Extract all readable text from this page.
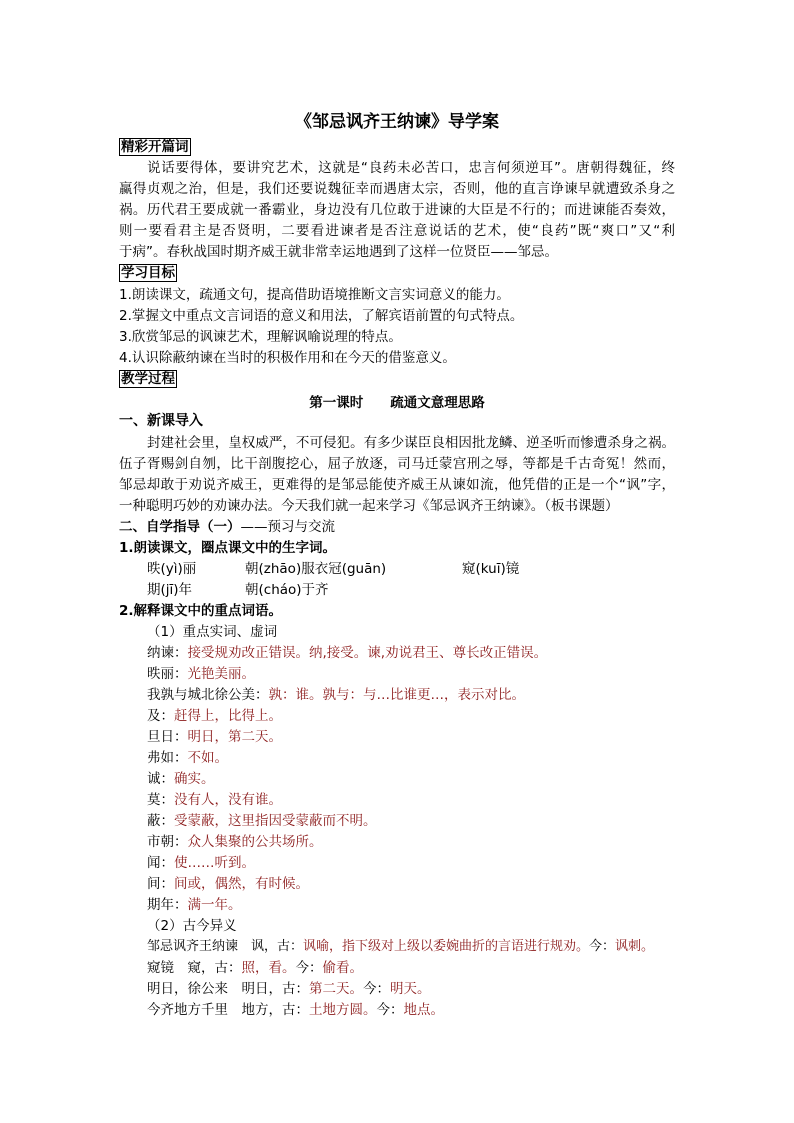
《邹忌讽齐王纳谏》导学案
精彩开篇词
说话要得体，要讲究艺术，这就是“良药未必苦口，忠言何须逆耳”。唐朝得魏征，终
赢得贞观之治，但是，我们还要说魏征幸而遇唐太宗，否则，他的直言诤谏早就遭致杀身之
祸。历代君王要成就一番霸业，身边没有几位敢于进谏的大臣是不行的；而进谏能否奏效，
则一要看君主是否贤明，二要看进谏者是否注意说话的艺术，使“良药”既“爽口”又“利
于病”。春秋战国时期齐威王就非常幸运地遇到了这样一位贤臣——邹忌。
学习目标
1.朗读课文，疏通文句，提高借助语境推断文言实词意义的能力。
2.掌握文中重点文言词语的意义和用法，了解宾语前置的句式特点。
3.欣赏邹忌的讽谏艺术，理解讽喻说理的特点。
4.认识除蔽纳谏在当时的积极作用和在今天的借鉴意义。
教学过程
第一课时　　疏通文意理思路
一、新课导入
封建社会里，皇权威严，不可侵犯。有多少谋臣良相因批龙鳞、逆圣听而惨遭杀身之祸。
伍子胥赐剑自刎，比干剖腹挖心，屈子放逐，司马迁蒙宫刑之辱，等都是千古奇冤！然而，
邹忌却敢于劝说齐威王，更难得的是邹忌能使齐威王从谏如流，他凭借的正是一个“讽”字，
一种聪明巧妙的劝谏办法。今天我们就一起来学习《邹忌讽齐王纳谏》。（板书课题）
二、自学指导（一）——预习与交流
1.朗读课文，圈点课文中的生字词。
昳(yì)丽	朝(zhāo)服衣冠(guān)	窥(kuī)镜
期(jī)年	朝(cháo)于齐
2.解释课文中的重点词语。
（1）重点实词、虚词
纳谏：接受规劝改正错误。纳,接受。谏,劝说君王、尊长改正错误。
昳丽：光艳美丽。
我孰与城北徐公美：孰：谁。孰与：与…比谁更…，表示对比。
及：赶得上，比得上。
旦日：明日，第二天。
弗如：不如。
诚：确实。
莫：没有人，没有谁。
蔽：受蒙蔽，这里指因受蒙蔽而不明。
市朝：众人集聚的公共场所。
闻：使……听到。
间：间或，偶然，有时候。
期年：满一年。
（2）古今异义
邹忌讽齐王纳谏　讽，古：讽喻，指下级对上级以委婉曲折的言语进行规劝。今：讽刺。
窥镜　窥，古：照，看。今：偷看。
明日，徐公来　明日，古：第二天。今：明天。
今齐地方千里　地方，古：土地方圆。今：地点。
